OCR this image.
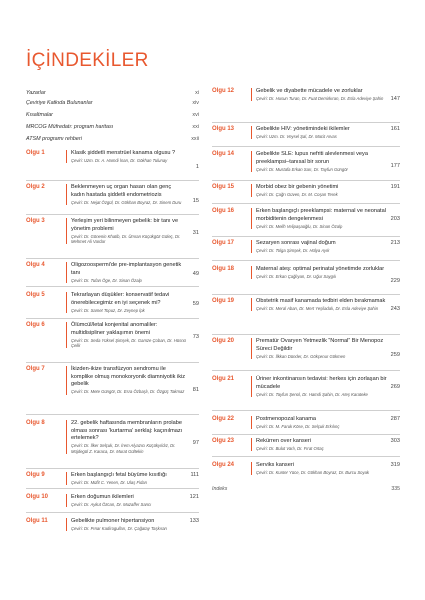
İÇİNDEKİLER
Yazarlar	xi
Çeviriye Katkıda Bulunanlar	xiv
Kısaltmalar	xvi
MRCOG Müfredatı: program haritası	xxi
ATSM programı rehberi	xxii
Olgu 1	Klasik şiddetli menstrüel kanama olgusu ?
Çeviri: Uzm. Dr. A. Hamdi İnan, Dr. Gökhan Tulunay
1
Olgu 2	Beklenmeyen uç organ hasarı olan genç kadın hastada şiddetli endometriozis
Çeviri: Dr. Nejat Özgül, Dr. Gökhan Boyraz, Dr. Sinem Duru	15
Olgu 3	Yerleşim yeri bilinmeyen gebelik: bir tanı ve yönetim problemi
Çeviri: Dr. Gönenin Khatib, Dr. Ümran Küçükgöz Güleç, Dr. Mehmet Ali Vardar
31
Olgu 4	Oligozoospermi'de pre-implantasyon genetik tanı
Çeviri: Dr. Tufan Öge, Dr. Sinan Özalp
49
Olgu 5	Tekrarlayan düşükler: konservatif tedavi önerebilecegimiz en iyi seçenek mi?
Çeviri: Dr. Samet Topuz, Dr. Zeynep İpk
59
Olgu 6	Ölümcül/letal konjenital anomaliler: multidisipliner yaklaşımın önemi
Çeviri: Dr. Seda Yüksel Şimşek, Dr. Gamze Çoban, Dr. Hüsnü Çelik
73
Olgu 7	İkizden-ikize transfüzyon sendromu ile komplike olmuş monokoryonik diamniyotik ikiz gebelik
Çeviri: Dr. Mete Güngör, Dr. Esra Özbaşlı, Dr. Özgüç Takmaz 81
Olgu 8	22. gebelik haftasında membranların prolabe olması sonrası 'kurtarma' serklaj: kaçınılmazı ertelemek?
Çeviri: Dr. İlker Selçuk, Dr. İrem Alyazıcı Küçükyıldız, Dr. Müjdegül Z. Karaca, Dr. Murat Gültekin
97
Olgu 9	Erken başlangıçlı fetal büyüme kısıtlığı
Çeviri: Dr. Müfit C. Yenen, Dr. Ulaş Fidan
111
Olgu 10	Erken doğumun ikilemleri
Çeviri: Dr. Aykut Özcan, Dr. Muzaffer Sancı
121
Olgu 11	Gebelikte pulmoner hipertansiyon
Çeviri: Dr. Pınar Kadirogulları, Dr. Çağatay Taşkıran
133
Olgu 12	Gebelik ve diyabette mücadele ve zorluklar
Çeviri: Dr. Husun Turan, Dr. Fuat Demirkıran, Dr. Esla Adeviye Şahin	147
Olgu 13	Gebelikte HIV: yönetimindeki ikilemler
Çeviri: Uzm. Dr. Veysel Şal, Dr. Macit Arvas
161
Olgu 14	Gebelikte SLE: lupus nefriti alevlenmesi veya preeklampsi–tanısal bir sorun
Çeviri: Dr. Mustafa Erkan Sarı, Dr. Tayfun Güngör
177
Olgu 15	Morbid obez bir gebenin yönetimi
Çeviri: Dr. Çağrı Güven, Dr. M. Coşan Terek
191
Olgu 16	Erken başlangıçlı preeklampsi: maternal ve neonatal morbiditenin dengelenmesi
Çeviri: Dr. Melih Velipaşaoğlu, Dr. Sinan Özalp
203
Olgu 17	Sezaryen sonrası vajinal doğum
Çeviri: Dr. Tolga Şimşek, Dr. Hülya Ayık
213
Olgu 18	Maternal ateş: optimal perinatal yönetimde zorluklar
Çeviri: Dr. Erkan Çağlıyan, Dr. Uğur Saygılı
229
Olgu 19	Obstetrik masif kanamada tedbiri elden bırakmamak
Çeviri: Dr. Meral Aban, Dr. Mert Yeşiladalı, Dr. Esla Adeviye Şahin	243
Olgu 20	Prematür Ovaryen Yetmezlik “Normal” Bir Menopoz Süreci Değildir
Çeviri: Dr. İlkkan Dünder, Dr. Gökçenur Gökmen	259
Olgu 21	Üriner inkontinansın tedavisi: herkes için zorlaşan bir mücadele
Çeviri: Dr. Tayfun Şenol, Dr. Hamdi Şahin, Dr. Ateş Karateke
269
Olgu 22	Postmenopozal kanama
Çeviri: Dr. M. Faruk Köse, Dr. Selçuk Erkılınç
287
Olgu 23	Rekürren over kanseri
Çeviri: Dr. Bulut Varlı, Dr. Fırat Ortaç
303
Olgu 24	Serviks kanseri
Çeviri: Dr. Kunter Yüce, Dr. Gökhan Boyraz, Dr. Burcu Soyak
319
Indeks	335
